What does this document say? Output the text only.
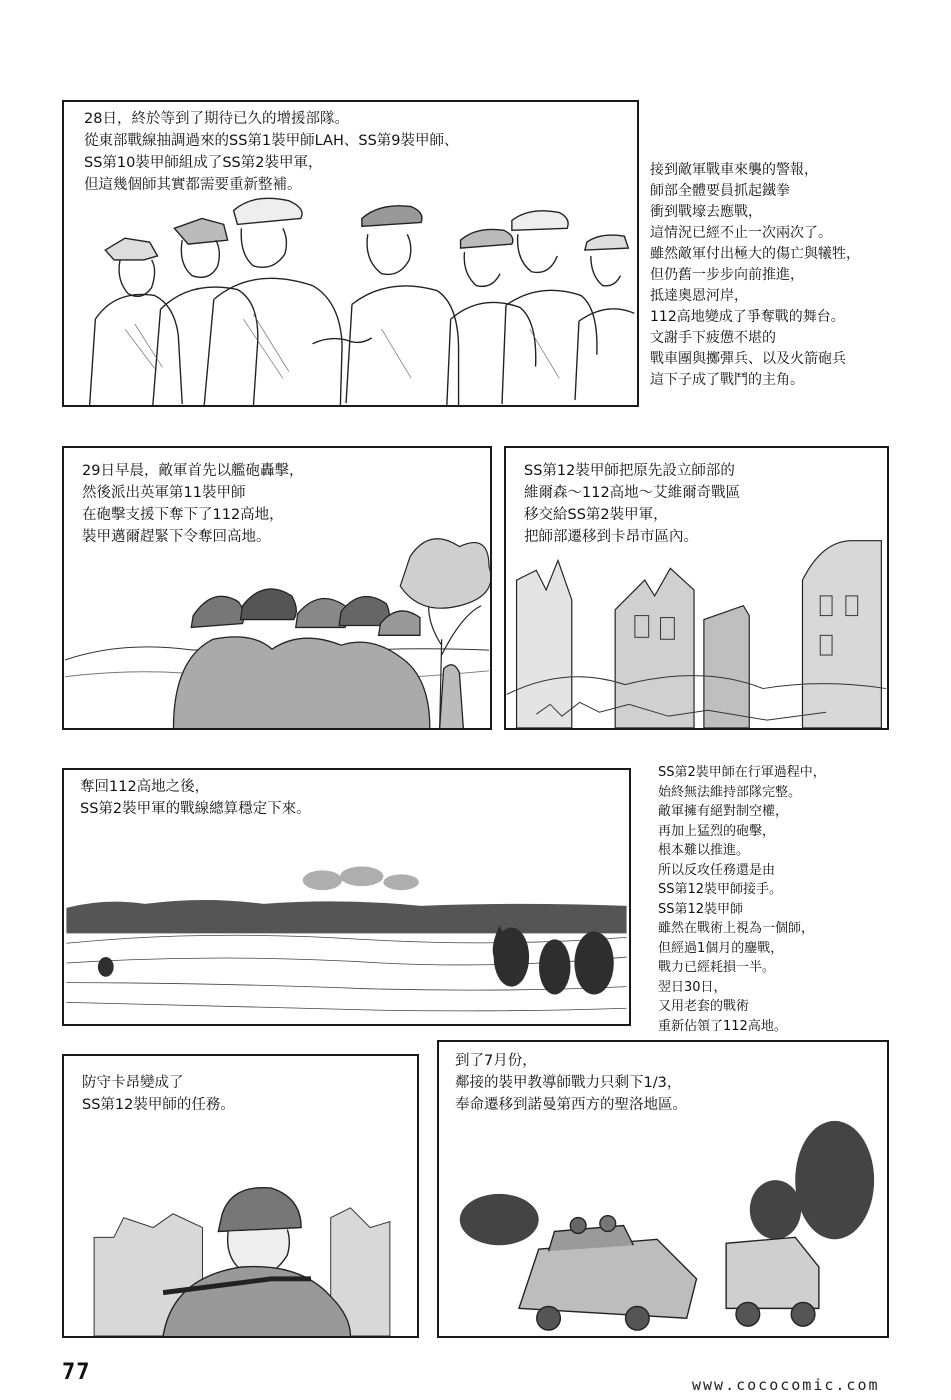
28日，終於等到了期待已久的增援部隊。
從東部戰線抽調過來的SS第1裝甲師LAH、SS第9裝甲師、
SS第10裝甲師組成了SS第2裝甲軍，
但這幾個師其實都需要重新整補。
接到敵軍戰車來襲的警報，
師部全體要員抓起鐵拳
衝到戰壕去應戰，
這情況已經不止一次兩次了。
雖然敵軍付出極大的傷亡與犧牲，
但仍舊一步步向前推進，
抵達奧恩河岸，
112高地變成了爭奪戰的舞台。
文謝手下疲憊不堪的
戰車團與擲彈兵、以及火箭砲兵
這下子成了戰鬥的主角。
29日早晨，敵軍首先以艦砲轟擊，
然後派出英軍第11裝甲師
在砲擊支援下奪下了112高地，
裝甲邁爾趕緊下令奪回高地。
SS第12裝甲師把原先設立師部的
維爾森～112高地～艾維爾奇戰區
移交給SS第2裝甲軍，
把師部遷移到卡昂市區內。
奪回112高地之後，
SS第2裝甲軍的戰線總算穩定下來。
SS第2裝甲師在行軍過程中，
始終無法維持部隊完整。
敵軍擁有絕對制空權，
再加上猛烈的砲擊，
根本難以推進。
所以反攻任務還是由
SS第12裝甲師接手。
SS第12裝甲師
雖然在戰術上視為一個師，
但經過1個月的鏖戰，
戰力已經耗損一半。
翌日30日，
又用老套的戰術
重新佔領了112高地。
防守卡昂變成了
SS第12裝甲師的任務。
到了7月份，
鄰接的裝甲教導師戰力只剩下1/3，
奉命遷移到諾曼第西方的聖洛地區。
77	www.cococomic.com
